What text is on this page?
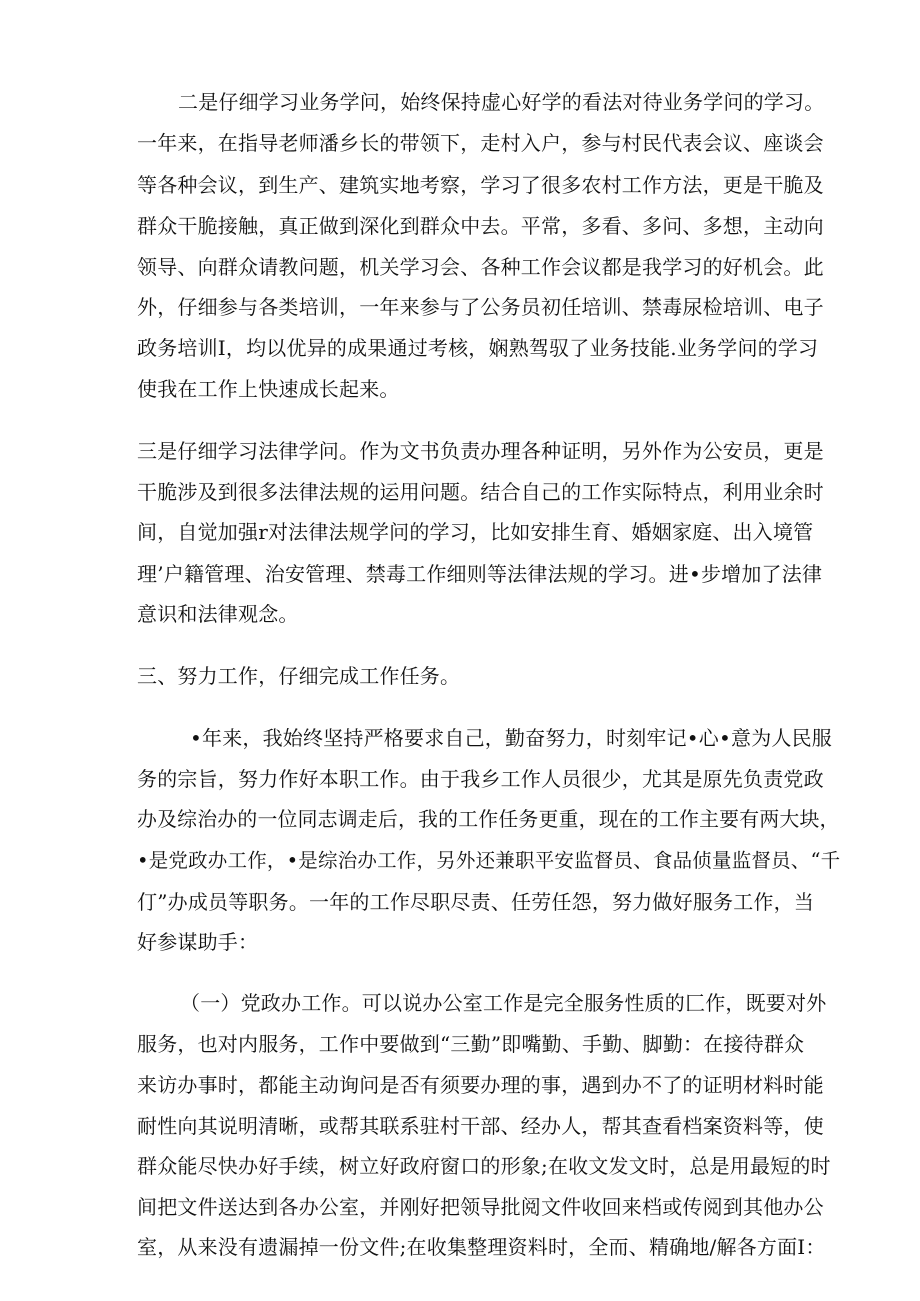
二是仔细学习业务学问，始终保持虚心好学的看法对待业务学问的学习。
一年来，在指导老师潘乡长的带领下，走村入户，参与村民代表会议、座谈会
等各种会议，到生产、建筑实地考察，学习了很多农村工作方法，更是干脆及
群众干脆接触，真正做到深化到群众中去。平常，多看、多问、多想，主动向
领导、向群众请教问题，机关学习会、各种工作会议都是我学习的好机会。此
外，仔细参与各类培训，一年来参与了公务员初任培训、禁毒尿检培训、电子
政务培训I，均以优异的成果通过考核，娴熟驾驭了业务技能.业务学问的学习
使我在工作上快速成长起来。
三是仔细学习法律学问。作为文书负责办理各种证明，另外作为公安员，更是
干脆涉及到很多法律法规的运用问题。结合自己的工作实际特点，利用业余时
间，自觉加强r对法律法规学问的学习，比如安排生育、婚姻家庭、出入境管
理’户籍管理、治安管理、禁毒工作细则等法律法规的学习。进•步增加了法律
意识和法律观念。
三、努力工作，仔细完成工作任务。
•年来，我始终坚持严格要求自己，勤奋努力，时刻牢记•心•意为人民服
务的宗旨，努力作好本职工作。由于我乡工作人员很少，尤其是原先负责党政
办及综治办的一位同志调走后，我的工作任务更重，现在的工作主要有两大块，
•是党政办工作，•是综治办工作，另外还兼职平安监督员、食品侦量监督员、“千
仃”办成员等职务。一年的工作尽职尽责、任劳任怨，努力做好服务工作，当
好参谋助手：
（一）党政办工作。可以说办公室工作是完全服务性质的匚作，既要对外
服务，也对内服务，工作中要做到“三勤”即嘴勤、手勤、脚勤：在接待群众
来访办事时，都能主动询问是否有须要办理的事，遇到办不了的证明材料时能
耐性向其说明清晰，或帮其联系驻村干部、经办人，帮其查看档案资料等，使
群众能尽快办好手续，树立好政府窗口的形象;在收文发文时，总是用最短的时
间把文件送达到各办公室，并刚好把领导批阅文件收回来档或传阅到其他办公
室，从来没有遗漏掉一份文件;在收集整理资料时，全而、精确地/解各方面I：
